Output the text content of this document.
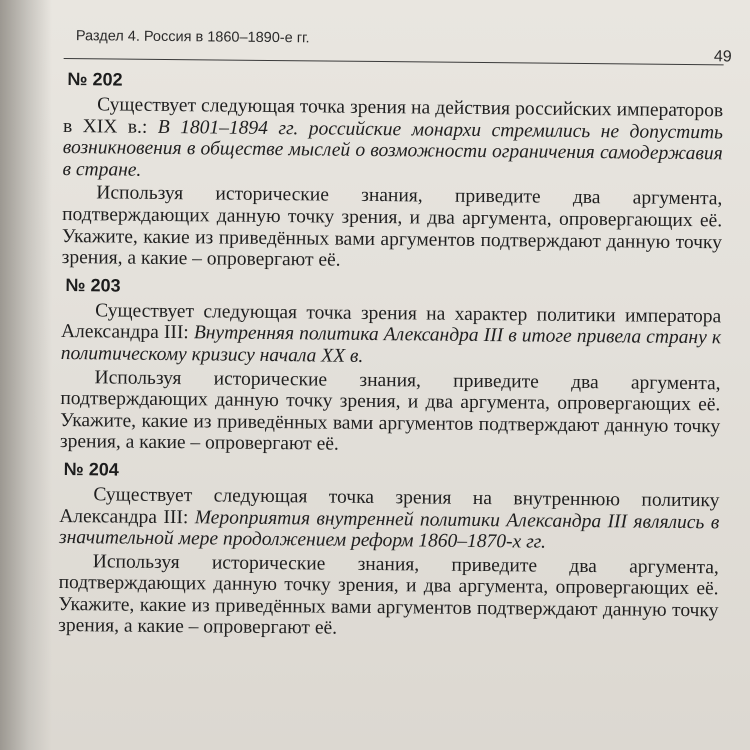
Раздел 4. Россия в 1860–1890-е гг.
49
№ 202

Существует следующая точка зрения на действия российских императоров в XIX в.: В 1801–1894 гг. российские монархи стремились не допустить возникновения в обществе мыслей о возможности ограничения самодержавия в стране.

Используя исторические знания, приведите два аргумента, подтверждающих данную точку зрения, и два аргумента, опровергающих её. Укажите, какие из приведённых вами аргументов подтверждают данную точку зрения, а какие – опровергают её.

№ 203

Существует следующая точка зрения на характер политики императора Александра III: Внутренняя политика Александра III в итоге привела страну к политическому кризису начала XX в.

Используя исторические знания, приведите два аргумента, подтверждающих данную точку зрения, и два аргумента, опровергающих её. Укажите, какие из приведённых вами аргументов подтверждают данную точку зрения, а какие – опровергают её.

№ 204

Существует следующая точка зрения на внутреннюю политику Александра III: Мероприятия внутренней политики Александра III являлись в значительной мере продолжением реформ 1860–1870-х гг.

Используя исторические знания, приведите два аргумента, подтверждающих данную точку зрения, и два аргумента, опровергающих её. Укажите, какие из приведённых вами аргументов подтверждают данную точку зрения, а какие – опровергают её.
